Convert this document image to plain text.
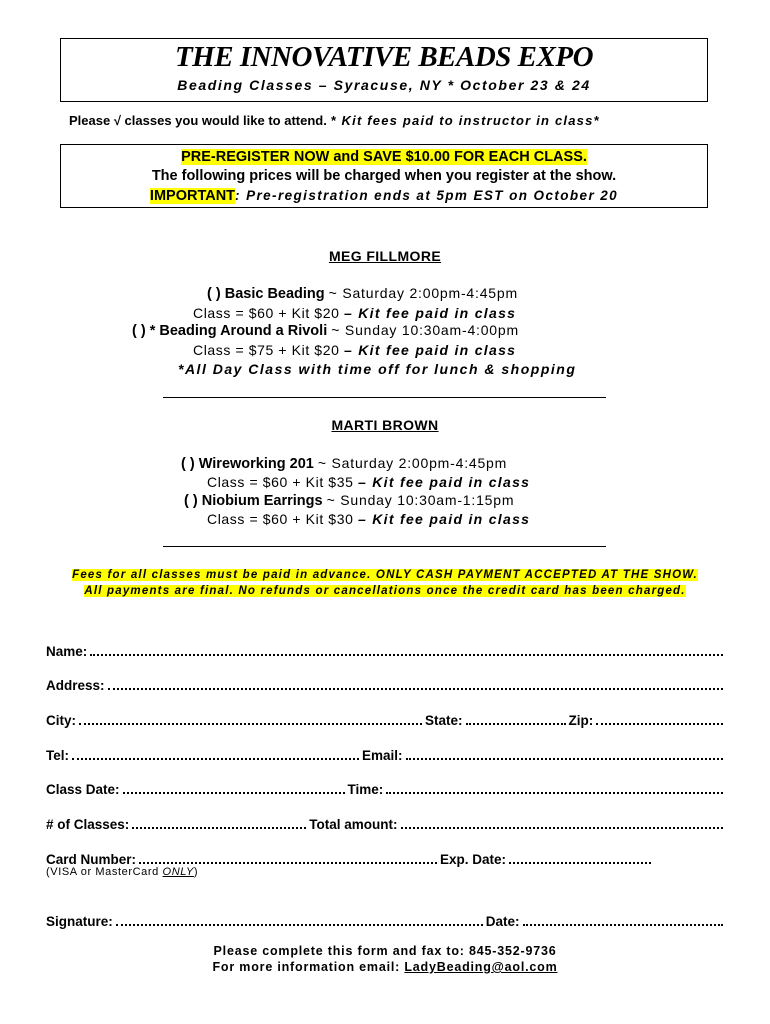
THE INNOVATIVE BEADS EXPO
Beading Classes – Syracuse, NY * October 23 & 24
Please √ classes you would like to attend. * Kit fees paid to instructor in class*
PRE-REGISTER NOW and SAVE $10.00 FOR EACH CLASS.
The following prices will be charged when you register at the show.
IMPORTANT: Pre-registration ends at 5pm EST on October 20
MEG FILLMORE
( ) Basic Beading ~ Saturday 2:00pm-4:45pm
Class = $60 + Kit $20 – Kit fee paid in class
( ) * Beading Around a Rivoli ~ Sunday 10:30am-4:00pm
Class = $75 + Kit $20 – Kit fee paid in class
*All Day Class with time off for lunch & shopping
MARTI BROWN
( ) Wireworking 201 ~ Saturday 2:00pm-4:45pm
Class = $60 + Kit $35 – Kit fee paid in class
( ) Niobium Earrings ~ Sunday 10:30am-1:15pm
Class = $60 + Kit $30 – Kit fee paid in class
Fees for all classes must be paid in advance. ONLY CASH PAYMENT ACCEPTED AT THE SHOW.
All payments are final. No refunds or cancellations once the credit card has been charged.
Name:
Address:
City:	State:	Zip:
Tel:	Email:
Class Date:	Time:
# of Classes:	Total amount:
Card Number:	Exp. Date:
(VISA or MasterCard ONLY)
Signature:	Date:
Please complete this form and fax to: 845-352-9736
For more information email: LadyBeading@aol.com
